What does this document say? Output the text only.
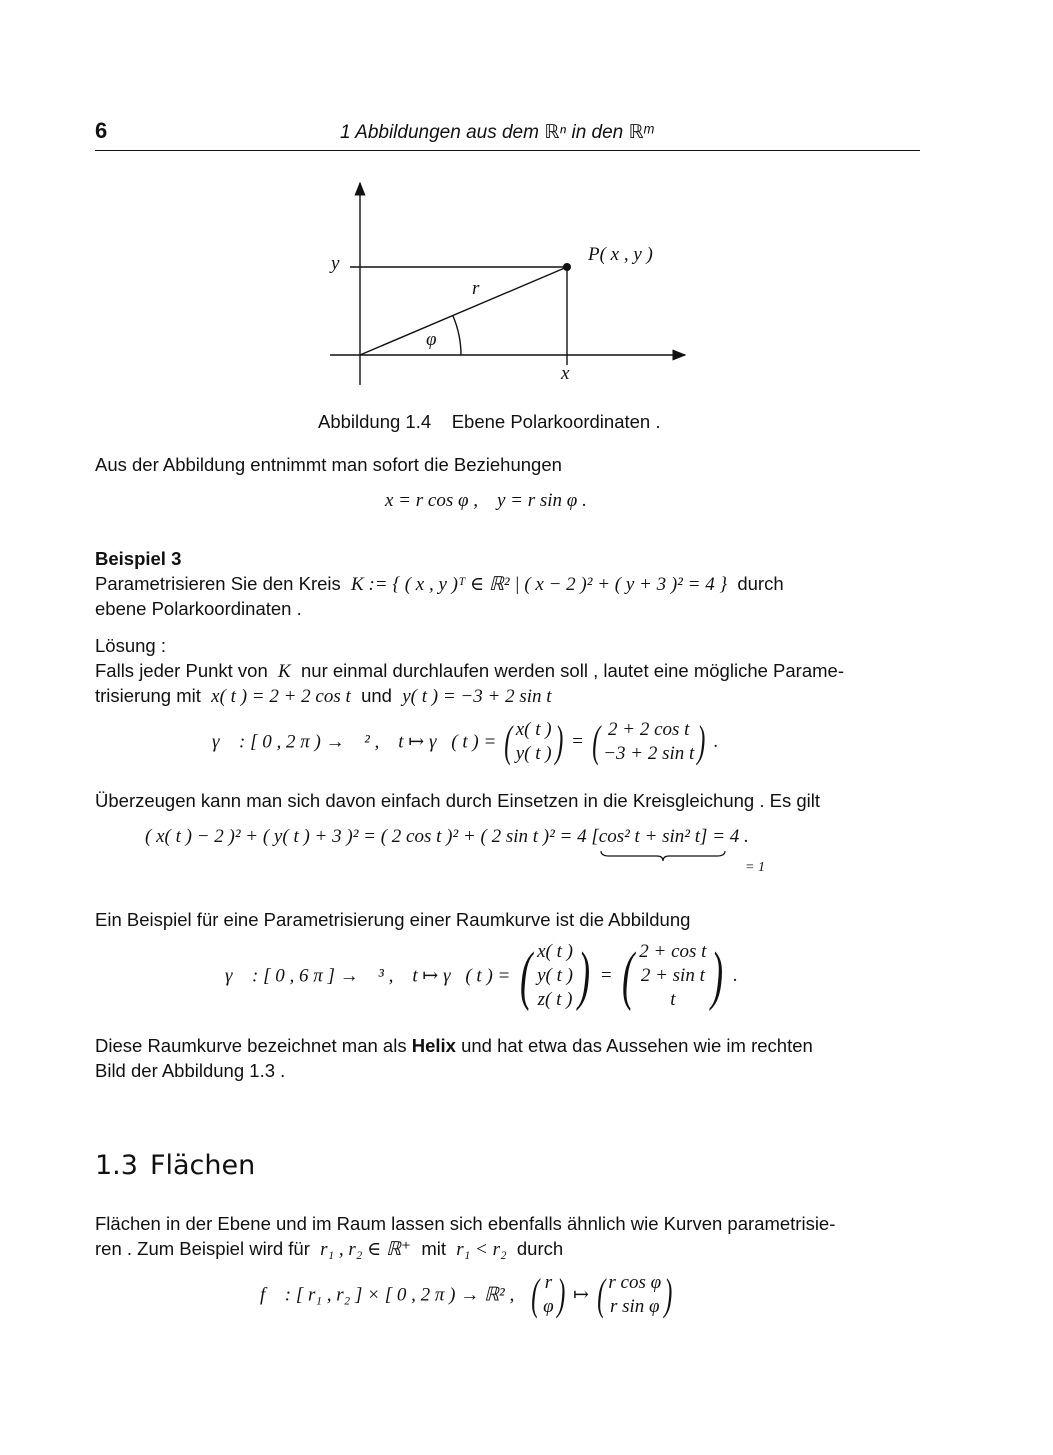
6	1 Abbildungen aus dem ℝⁿ in den ℝᵐ
y
x
r
φ
P( x , y )
Abbildung 1.4    Ebene Polarkoordinaten .
Aus der Abbildung entnimmt man sofort die Beziehungen
x = r cos φ ,    y = r sin φ .
Beispiel 3
Parametrisieren Sie den Kreis K := { ( x , y )ᵀ ∈ ℝ² | ( x − 2 )² + ( y + 3 )² = 4 } durch
ebene Polarkoordinaten .
Lösung :
Falls jeder Punkt von K nur einmal durchlaufen werden soll , lautet eine mögliche Parame-
trisierung mit x( t ) = 2 + 2 cos t und y( t ) = −3 + 2 sin t
γ⃗ : [ 0 , 2 π ) → ℝ² ,    t ↦ γ⃗( t ) = ( x( t )
y( t )) = ( 2 + 2 cos t
−3 + 2 sin t) .
Überzeugen kann man sich davon einfach durch Einsetzen in die Kreisgleichung . Es gilt
( x( t ) − 2 )² + ( y( t ) + 3 )² = ( 2 cos t )² + ( 2 sin t )² = 4 [cos² t + sin² t
] = 4 .
= 1
Ein Beispiel für eine Parametrisierung einer Raumkurve ist die Abbildung
γ⃗ : [ 0 , 6 π ] → ℝ³ ,    t ↦ γ⃗( t ) = ( x( t )
y( t )
z( t )) = ( 2 + cos t
2 + sin t
t ) .
Diese Raumkurve bezeichnet man als Helix und hat etwa das Aussehen wie im rechten
Bild der Abbildung 1.3 .
1.3 Flächen
Flächen in der Ebene und im Raum lassen sich ebenfalls ähnlich wie Kurven parametrisie-
ren . Zum Beispiel wird für r₁ , r₂ ∈ ℝ⁺ mit r₁ < r₂ durch
f⃗ : [ r₁ , r₂ ] × [ 0 , 2 π ) → ℝ² , ( r
φ) ↦ ( r cos φ
r sin φ )
